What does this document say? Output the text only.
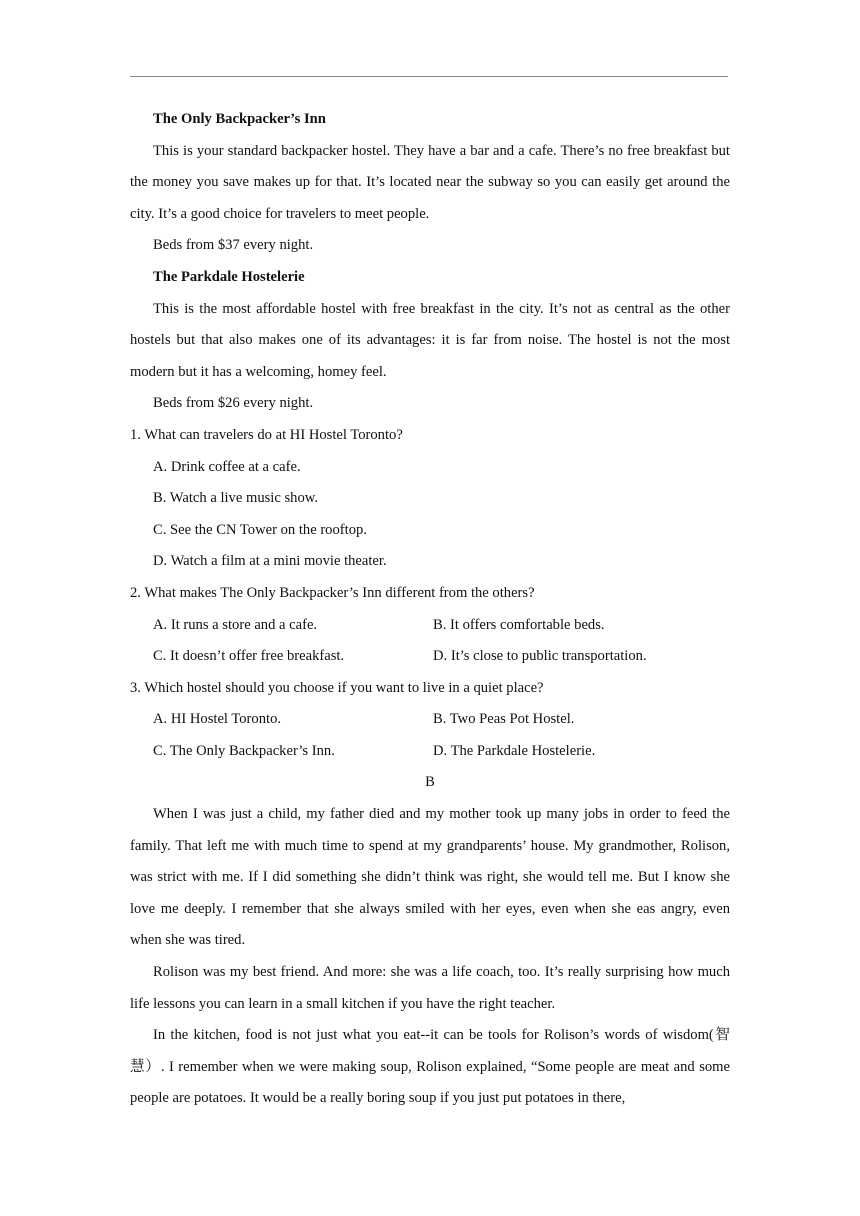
The Only Backpacker’s Inn

This is your standard backpacker hostel. They have a bar and a cafe. There’s no free breakfast but the money you save makes up for that. It’s located near the subway so you can easily get around the city. It’s a good choice for travelers to meet people.

Beds from $37 every night.

The Parkdale Hostelerie

This is the most affordable hostel with free breakfast in the city. It’s not as central as the other hostels but that also makes one of its advantages: it is far from noise. The hostel is not the most modern but it has a welcoming, homey feel.

Beds from $26 every night.

1. What can travelers do at HI Hostel Toronto?

A. Drink coffee at a cafe.

B. Watch a live music show.

C. See the CN Tower on the rooftop.

D. Watch a film at a mini movie theater.

2. What makes The Only Backpacker’s Inn different from the others?

A. It runs a store and a cafe.	B. It offers comfortable beds.
C. It doesn’t offer free breakfast.	D. It’s close to public transportation.

3. Which hostel should you choose if you want to live in a quiet place?

A. HI Hostel Toronto.	B. Two Peas Pot Hostel.
C. The Only Backpacker’s Inn.	D. The Parkdale Hostelerie.

B

When I was just a child, my father died and my mother took up many jobs in order to feed the family. That left me with much time to spend at my grandparents’ house. My grandmother, Rolison, was strict with me. If I did something she didn’t think was right, she would tell me. But I know she love me deeply. I remember that she always smiled with her eyes, even when she eas angry, even when she was tired.

Rolison was my best friend. And more: she was a life coach, too. It’s really surprising how much life lessons you can learn in a small kitchen if you have the right teacher.

In the kitchen, food is not just what you eat--it can be tools for Rolison’s words of wisdom(智慧）. I remember when we were making soup, Rolison explained, “Some people are meat and some people are potatoes. It would be a really boring soup if you just put potatoes in there,
